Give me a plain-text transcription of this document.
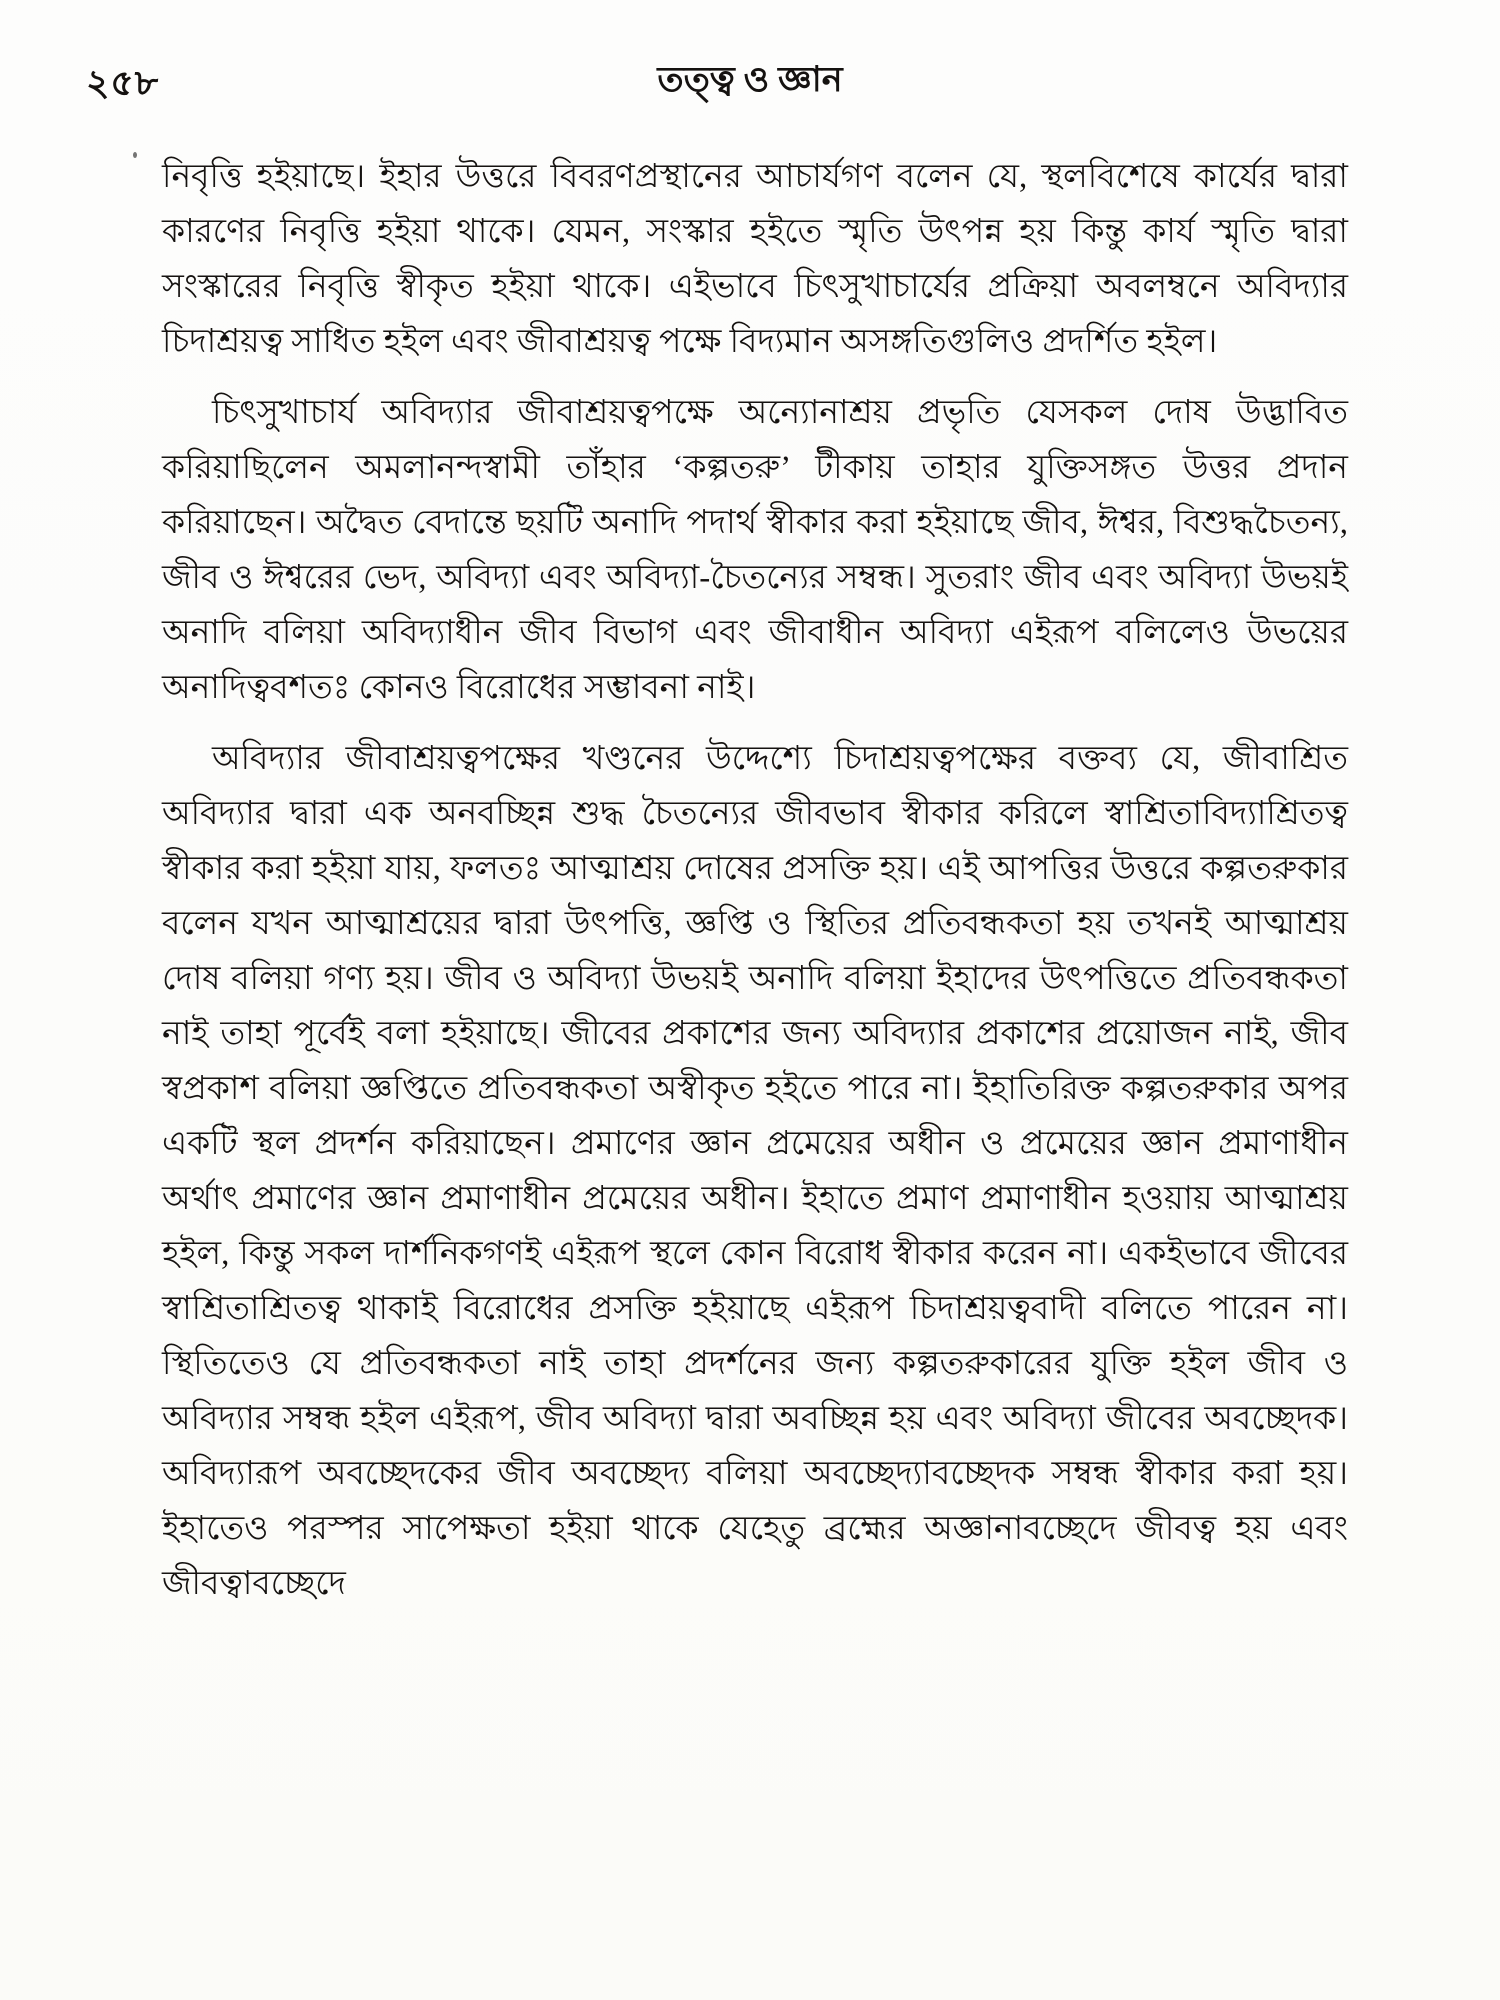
২৫৮	তত্ত্ব ও জ্ঞান

নিবৃত্তি হইয়াছে। ইহার উত্তরে বিবরণপ্রস্থানের আচার্যগণ বলেন যে, স্থলবিশেষে কার্যের দ্বারা কারণের নিবৃত্তি হইয়া থাকে। যেমন, সংস্কার হইতে স্মৃতি উৎপন্ন হয় কিন্তু কার্য স্মৃতি দ্বারা সংস্কারের নিবৃত্তি স্বীকৃত হইয়া থাকে। এইভাবে চিৎসুখাচার্যের প্রক্রিয়া অবলম্বনে অবিদ্যার চিদাশ্রয়ত্ব সাধিত হইল এবং জীবাশ্রয়ত্ব পক্ষে বিদ্যমান অসঙ্গতিগুলিও প্রদর্শিত হইল।

চিৎসুখাচার্য অবিদ্যার জীবাশ্রয়ত্বপক্ষে অন্যোনাশ্রয় প্রভৃতি যেসকল দোষ উদ্ভাবিত করিয়াছিলেন অমলানন্দস্বামী তাঁহার ‘কল্পতরু’ টীকায় তাহার যুক্তিসঙ্গত উত্তর প্রদান করিয়াছেন। অদ্বৈত বেদান্তে ছয়টি অনাদি পদার্থ স্বীকার করা হইয়াছে জীব, ঈশ্বর, বিশুদ্ধচৈতন্য, জীব ও ঈশ্বরের ভেদ, অবিদ্যা এবং অবিদ্যা-চৈতন্যের সম্বন্ধ। সুতরাং জীব এবং অবিদ্যা উভয়ই অনাদি বলিয়া অবিদ্যাধীন জীব বিভাগ এবং জীবাধীন অবিদ্যা এইরূপ বলিলেও উভয়ের অনাদিত্ববশতঃ কোনও বিরোধের সম্ভাবনা নাই।

অবিদ্যার জীবাশ্রয়ত্বপক্ষের খণ্ডনের উদ্দেশ্যে চিদাশ্রয়ত্বপক্ষের বক্তব্য যে, জীবাশ্রিত অবিদ্যার দ্বারা এক অনবচ্ছিন্ন শুদ্ধ চৈতন্যের জীবভাব স্বীকার করিলে স্বাশ্রিতাবিদ্যাশ্রিতত্ব স্বীকার করা হইয়া যায়, ফলতঃ আত্মাশ্রয় দোষের প্রসক্তি হয়। এই আপত্তির উত্তরে কল্পতরুকার বলেন যখন আত্মাশ্রয়ের দ্বারা উৎপত্তি, জ্ঞপ্তি ও স্থিতির প্রতিবন্ধকতা হয় তখনই আত্মাশ্রয় দোষ বলিয়া গণ্য হয়। জীব ও অবিদ্যা উভয়ই অনাদি বলিয়া ইহাদের উৎপত্তিতে প্রতিবন্ধকতা নাই তাহা পূর্বেই বলা হইয়াছে। জীবের প্রকাশের জন্য অবিদ্যার প্রকাশের প্রয়োজন নাই, জীব স্বপ্রকাশ বলিয়া জ্ঞপ্তিতে প্রতিবন্ধকতা অস্বীকৃত হইতে পারে না। ইহাতিরিক্ত কল্পতরুকার অপর একটি স্থল প্রদর্শন করিয়াছেন। প্রমাণের জ্ঞান প্রমেয়ের অধীন ও প্রমেয়ের জ্ঞান প্রমাণাধীন অর্থাৎ প্রমাণের জ্ঞান প্রমাণাধীন প্রমেয়ের অধীন। ইহাতে প্রমাণ প্রমাণাধীন হওয়ায় আত্মাশ্রয় হইল, কিন্তু সকল দার্শনিকগণই এইরূপ স্থলে কোন বিরোধ স্বীকার করেন না। একইভাবে জীবের স্বাশ্রিতাশ্রিতত্ব থাকাই বিরোধের প্রসক্তি হইয়াছে এইরূপ চিদাশ্রয়ত্ববাদী বলিতে পারেন না। স্থিতিতেও যে প্রতিবন্ধকতা নাই তাহা প্রদর্শনের জন্য কল্পতরুকারের যুক্তি হইল জীব ও অবিদ্যার সম্বন্ধ হইল এইরূপ, জীব অবিদ্যা দ্বারা অবচ্ছিন্ন হয় এবং অবিদ্যা জীবের অবচ্ছেদক। অবিদ্যারূপ অবচ্ছেদকের জীব অবচ্ছেদ্য বলিয়া অবচ্ছেদ্যাবচ্ছেদক সম্বন্ধ স্বীকার করা হয়। ইহাতেও পরস্পর সাপেক্ষতা হইয়া থাকে যেহেতু ব্রহ্মের অজ্ঞানাবচ্ছেদে জীবত্ব হয় এবং জীবত্বাবচ্ছেদে
